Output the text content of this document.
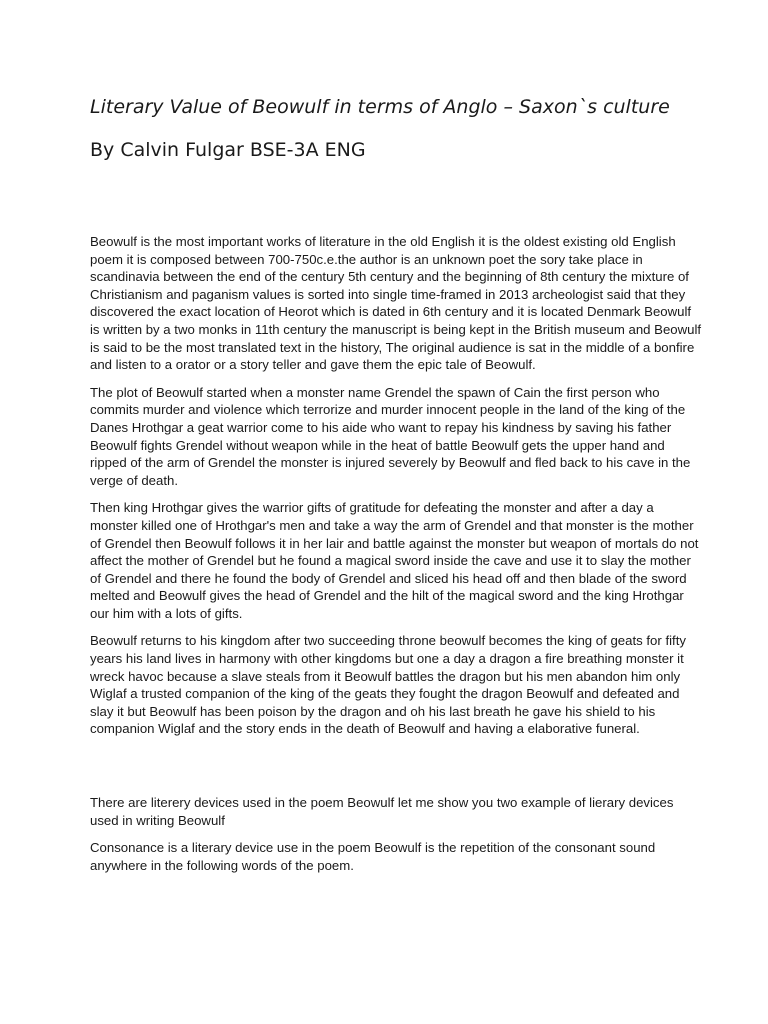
Literary Value of Beowulf in terms of Anglo – Saxon`s culture
By Calvin Fulgar BSE-3A ENG

Beowulf is the most important works of literature in the old English it is the oldest existing old English poem it is composed between 700-750c.e.the author is an unknown poet the sory take place in scandinavia between the end of the century 5th century and the beginning of 8th century the mixture of Christianism and paganism values is sorted into single time-framed in 2013 archeologist said that they discovered the exact location of Heorot which is dated in 6th century and it is located Denmark Beowulf is written by a two monks in 11th century the manuscript is being kept in the British museum and Beowulf is said to be the most translated text in the history, The original audience is sat in the middle of a bonfire and listen to a orator or a story teller and gave them the epic tale of Beowulf.

The plot of Beowulf started when a monster name Grendel the spawn of Cain the first person who commits murder and violence which terrorize and murder innocent people in the land of the king of the Danes Hrothgar a geat warrior come to his aide who want to repay his kindness by saving his father Beowulf fights Grendel without weapon while in the heat of battle Beowulf gets the upper hand and ripped of the arm of Grendel the monster is injured severely by Beowulf and fled back to his cave in the verge of death.

Then king Hrothgar gives the warrior gifts of gratitude for defeating the monster and after a day a monster killed one of Hrothgar's men and take a way the arm of Grendel and that monster is the mother of Grendel then Beowulf follows it in her lair and battle against the monster but weapon of mortals do not affect the mother of Grendel but he found a magical sword inside the cave and use it to slay the mother of Grendel and there he found the body of Grendel and sliced his head off and then blade of the sword melted and Beowulf gives the head of Grendel and the hilt of the magical sword and the king Hrothgar our him with a lots of gifts.

Beowulf returns to his kingdom after two succeeding throne beowulf becomes the king of geats for fifty years his land lives in harmony with other kingdoms but one a day a dragon a fire breathing monster it wreck havoc because a slave steals from it Beowulf battles the dragon but his men abandon him only Wiglaf a trusted companion of the king of the geats they fought the dragon Beowulf and defeated and slay it but Beowulf has been poison by the dragon and oh his last breath he gave his shield to his companion Wiglaf and the story ends in the death of Beowulf and having a elaborative funeral.

There are literery devices used in the poem Beowulf let me show you two example of lierary devices used in writing Beowulf

Consonance is a literary device use in the poem Beowulf is the repetition of the consonant sound anywhere in the following words of the poem.
